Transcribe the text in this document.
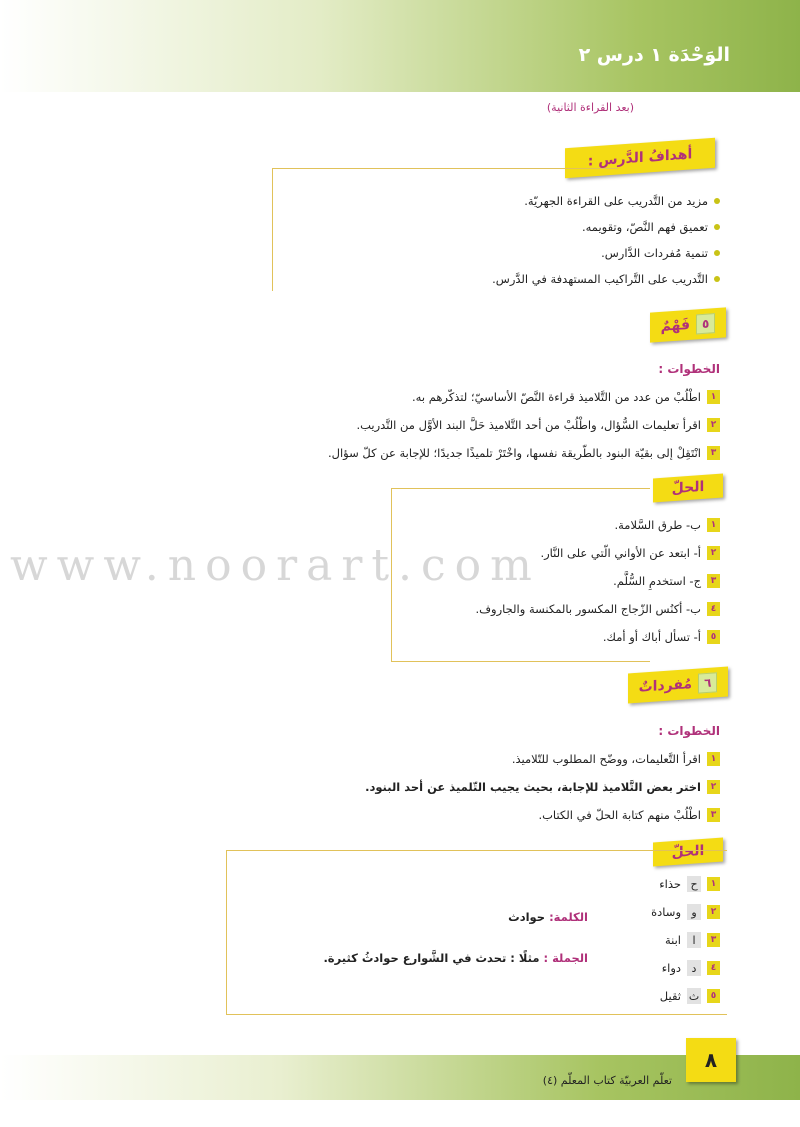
الوَحْدَة ١ درس ٢
(بعد القراءة الثانية)
أهدافُ الدَّرس :
مزيد من التَّدريب على القراءة الجهريّة.
تعميق فهم النَّصّ، وتقويمه.
تنمية مُفردات الدَّارس.
التَّدريب على التَّراكيب المستهدفة في الدَّرس.
٥
فَهْمٌ
الخطوات :
١
اطْلُبْ من عدد من التَّلاميذ قراءة النَّصّ الأساسيّ؛ لتذكّرهم به.
٢
اقرأ تعليمات السُّؤال، واطْلُبْ من أحد التَّلاميذ حَلَّ البند الأوَّل من التَّدريب.
٣
انْتَقِلْ إلى بقيّة البنود بالطّريقة نفسها، واخْتَرْ تلميذًا جديدًا؛ للإجابة عن كلّ سؤال.
الحلّ
١
ب- طرق السَّلامة.
٢
أ- ابتعد عن الأواني الّتي على النَّار.
٣
ج- استخدمِ السُّلَّم.
٤
ب- أكنُس الزّجاج المكسور بالمكنسة والجاروف.
٥
أ- تسأل أباك أو أمك.
٦
مُفرداتٌ
الخطوات :
١
اقرأ التَّعليمات، ووضّح المطلوب للتّلاميذ.
٢
اختر بعض التَّلاميذ للإجابة، بحيث يجيب التّلميذ عن أحد البنود.
٣
اطْلُبْ منهم كتابة الحلّ في الكتاب.
الحلّ
١
ح
حذاء
٢
و
وسادة
٣
ا
ابنة
٤
د
دواء
٥
ث
ثقيل
الكلمة: حوادث
الجملة : مثلًا : تحدث في الشَّوارع حوادثُ كثيرة.
www.noorart.com
تعلّم العربيّة كتاب المعلّم (٤)
٨
